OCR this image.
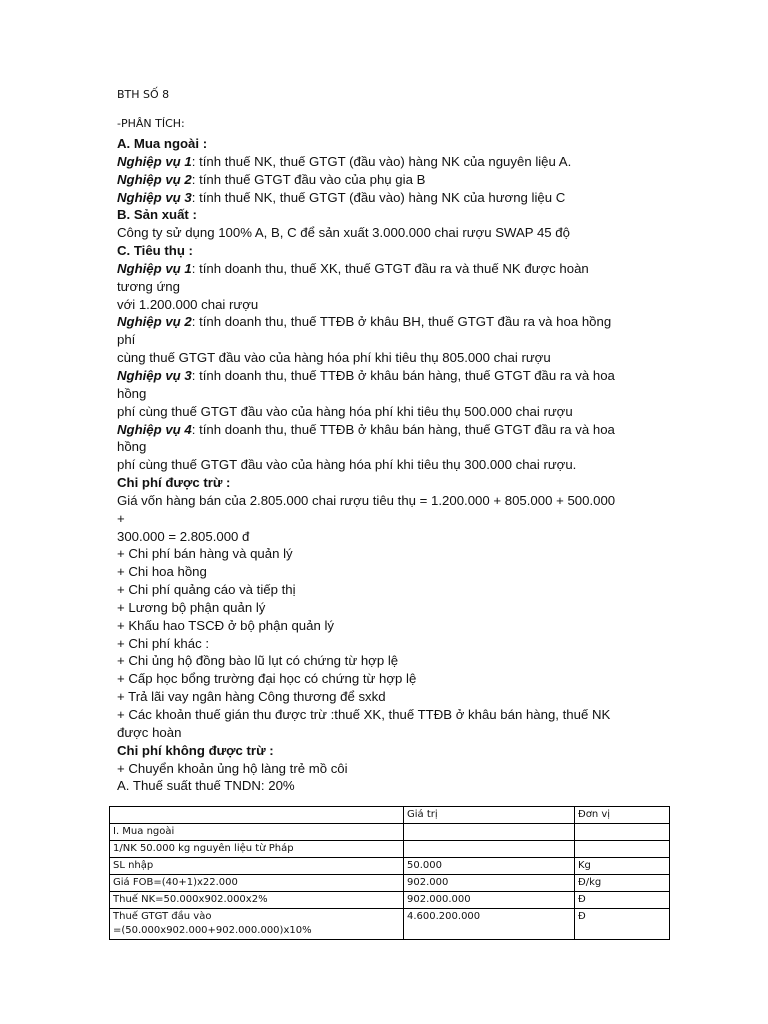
BTH SỐ 8
-PHÂN TÍCH:
A. Mua ngoài :
Nghiệp vụ 1: tính thuế NK, thuế GTGT (đầu vào) hàng NK của nguyên liệu A.
Nghiệp vụ 2: tính thuế GTGT đầu vào của phụ gia B
Nghiệp vụ 3: tính thuế NK, thuế GTGT (đầu vào) hàng NK của hương liệu C
B. Sản xuất :
Công ty sử dụng 100% A, B, C để sản xuất 3.000.000 chai rượu SWAP 45 độ
C. Tiêu thụ :
Nghiệp vụ 1: tính doanh thu, thuế XK, thuế GTGT đầu ra và thuế NK được hoàn
tương ứng
với 1.200.000 chai rượu
Nghiệp vụ 2: tính doanh thu, thuế TTĐB ở khâu BH, thuế GTGT đầu ra và hoa hồng
phí
cùng thuế GTGT đầu vào của hàng hóa phí khi tiêu thụ 805.000 chai rượu
Nghiệp vụ 3: tính doanh thu, thuế TTĐB ở khâu bán hàng, thuế GTGT đầu ra và hoa
hồng
phí cùng thuế GTGT đầu vào của hàng hóa phí khi tiêu thụ 500.000 chai rượu
Nghiệp vụ 4: tính doanh thu, thuế TTĐB ở khâu bán hàng, thuế GTGT đầu ra và hoa
hồng
phí cùng thuế GTGT đầu vào của hàng hóa phí khi tiêu thụ 300.000 chai rượu.
Chi phí được trừ :
Giá vốn hàng bán của 2.805.000 chai rượu tiêu thụ = 1.200.000 + 805.000 + 500.000
+
300.000 = 2.805.000 đ
+ Chi phí bán hàng và quản lý
+ Chi hoa hồng
+ Chi phí quảng cáo và tiếp thị
+ Lương bộ phận quản lý
+ Khấu hao TSCĐ ở bộ phận quản lý
+ Chi phí khác :
+ Chi ủng hộ đồng bào lũ lụt có chứng từ hợp lệ
+ Cấp học bổng trường đại học có chứng từ hợp lệ
+ Trả lãi vay ngân hàng Công thương để sxkd
+ Các khoản thuế gián thu được trừ :thuế XK, thuế TTĐB ở khâu bán hàng, thuế NK
được hoàn
Chi phí không được trừ :
+ Chuyển khoản ủng hộ làng trẻ mồ côi
A. Thuế suất thuế TNDN: 20%
	Giá trị	Đơn vị
I. Mua ngoài		
1/NK 50.000 kg nguyên liệu từ Pháp		
SL nhập	50.000	Kg
Giá FOB=(40+1)x22.000	902.000	Đ/kg
Thuế NK=50.000x902.000x2%	902.000.000	Đ

Thuế GTGT đầu vào
=(50.000x902.000+902.000.000)x10%	4.600.200.000	Đ
